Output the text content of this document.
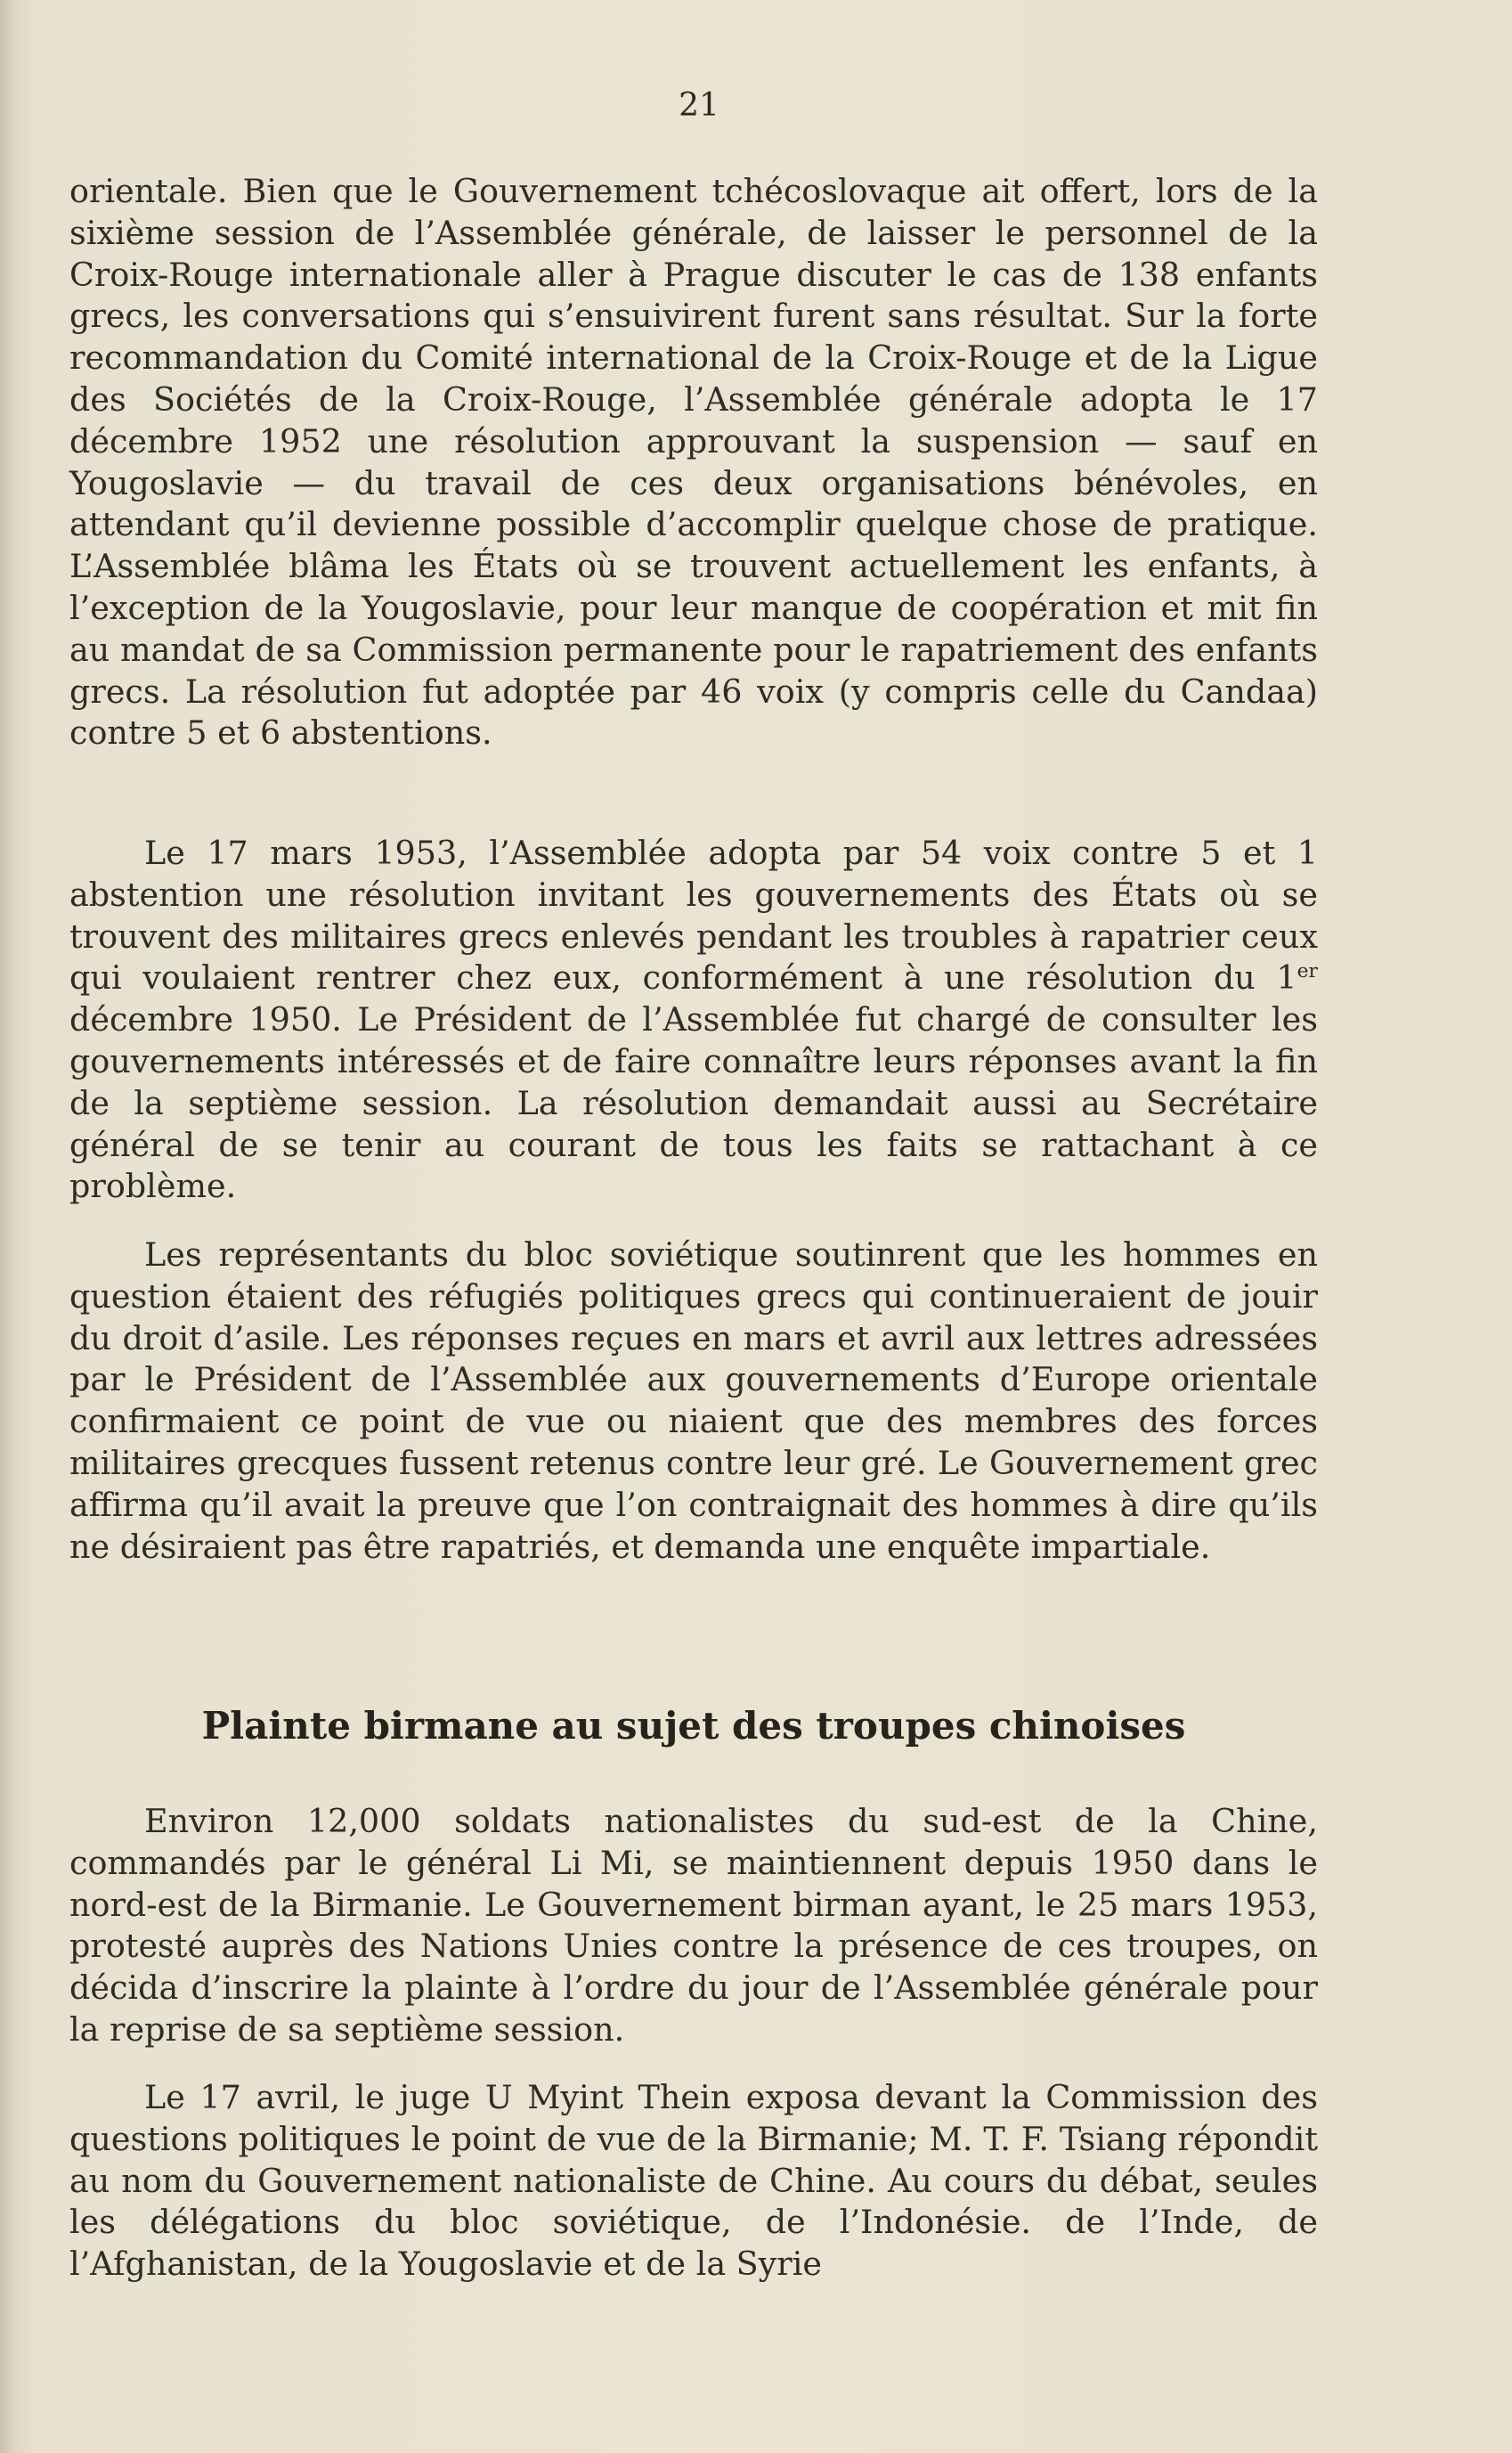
21

orientale. Bien que le Gouvernement tchécoslovaque ait offert, lors de la sixième session de l’Assemblée générale, de laisser le personnel de la Croix-Rouge internationale aller à Prague discuter le cas de 138 enfants grecs, les conversations qui s’ensuivirent furent sans résultat. Sur la forte recommandation du Comité international de la Croix-Rouge et de la Ligue des Sociétés de la Croix-Rouge, l’Assemblée générale adopta le 17 décembre 1952 une résolution approuvant la suspension — sauf en Yougoslavie — du travail de ces deux organisations bénévoles, en attendant qu’il devienne possible d’accomplir quelque chose de pratique. L’Assemblée blâma les États où se trouvent actuellement les enfants, à l’exception de la Yougoslavie, pour leur manque de coopération et mit fin au mandat de sa Commission permanente pour le rapatriement des enfants grecs. La résolution fut adoptée par 46 voix (y compris celle du Candaa) contre 5 et 6 abstentions.

Le 17 mars 1953, l’Assemblée adopta par 54 voix contre 5 et 1 abstention une résolution invitant les gouvernements des États où se trouvent des militaires grecs enlevés pendant les troubles à rapatrier ceux qui voulaient rentrer chez eux, conformément à une résolution du 1er décembre 1950. Le Président de l’Assemblée fut chargé de consulter les gouvernements intéressés et de faire connaître leurs réponses avant la fin de la septième session. La résolution demandait aussi au Secrétaire général de se tenir au courant de tous les faits se rattachant à ce problème.

Les représentants du bloc soviétique soutinrent que les hommes en question étaient des réfugiés politiques grecs qui continueraient de jouir du droit d’asile. Les réponses reçues en mars et avril aux lettres adressées par le Président de l’Assemblée aux gouvernements d’Europe orientale confirmaient ce point de vue ou niaient que des membres des forces militaires grecques fussent retenus contre leur gré. Le Gouvernement grec affirma qu’il avait la preuve que l’on contraignait des hommes à dire qu’ils ne désiraient pas être rapatriés, et demanda une enquête impartiale.

Plainte birmane au sujet des troupes chinoises

Environ 12,000 soldats nationalistes du sud-est de la Chine, commandés par le général Li Mi, se maintiennent depuis 1950 dans le nord-est de la Birmanie. Le Gouvernement birman ayant, le 25 mars 1953, protesté auprès des Nations Unies contre la présence de ces troupes, on décida d’inscrire la plainte à l’ordre du jour de l’Assemblée générale pour la reprise de sa septième session.

Le 17 avril, le juge U Myint Thein exposa devant la Commission des questions politiques le point de vue de la Birmanie; M. T. F. Tsiang répondit au nom du Gouvernement nationaliste de Chine. Au cours du débat, seules les délégations du bloc soviétique, de l’Indonésie. de l’Inde, de l’Afghanistan, de la Yougoslavie et de la Syrie
